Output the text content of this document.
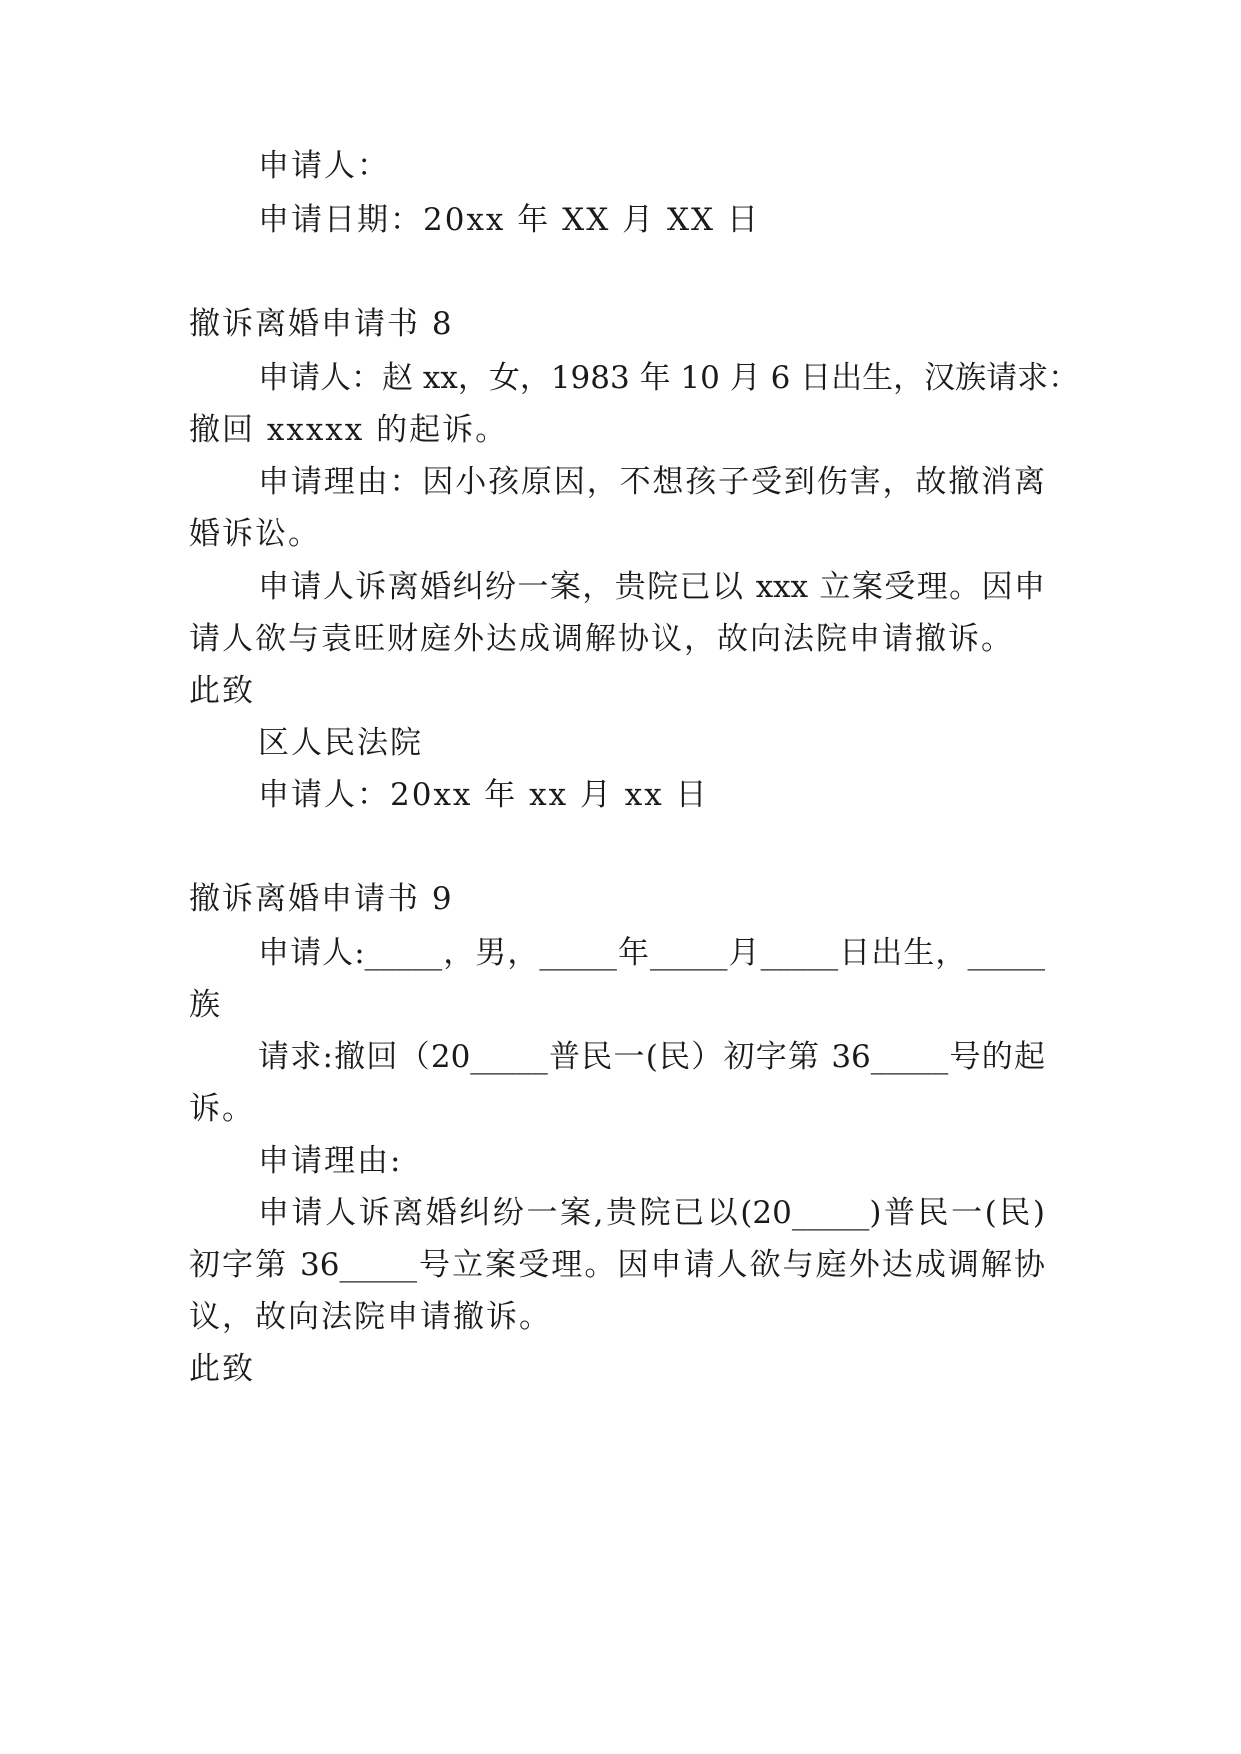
申请人：
申请日期：20xx 年 XX 月 XX 日
撤诉离婚申请书 8
申请人：赵 xx，女，1983 年 10 月 6 日出生，汉族请求：
撤回 xxxxx 的起诉。
申请理由：因小孩原因，不想孩子受到伤害，故撤消离
婚诉讼。
申请人诉离婚纠纷一案，贵院已以 xxx 立案受理。因申
请人欲与袁旺财庭外达成调解协议，故向法院申请撤诉。
此致
区人民法院
申请人：20xx 年 xx 月 xx 日
撤诉离婚申请书 9
申请人:_____，男，_____年_____月_____日出生，_____
族
请求:撤回（20_____普民一(民）初字第 36_____号的起
诉。
申请理由:
申请人诉离婚纠纷一案,贵院已以(20_____)普民一(民)
初字第 36_____号立案受理。因申请人欲与庭外达成调解协
议，故向法院申请撤诉。
此致
